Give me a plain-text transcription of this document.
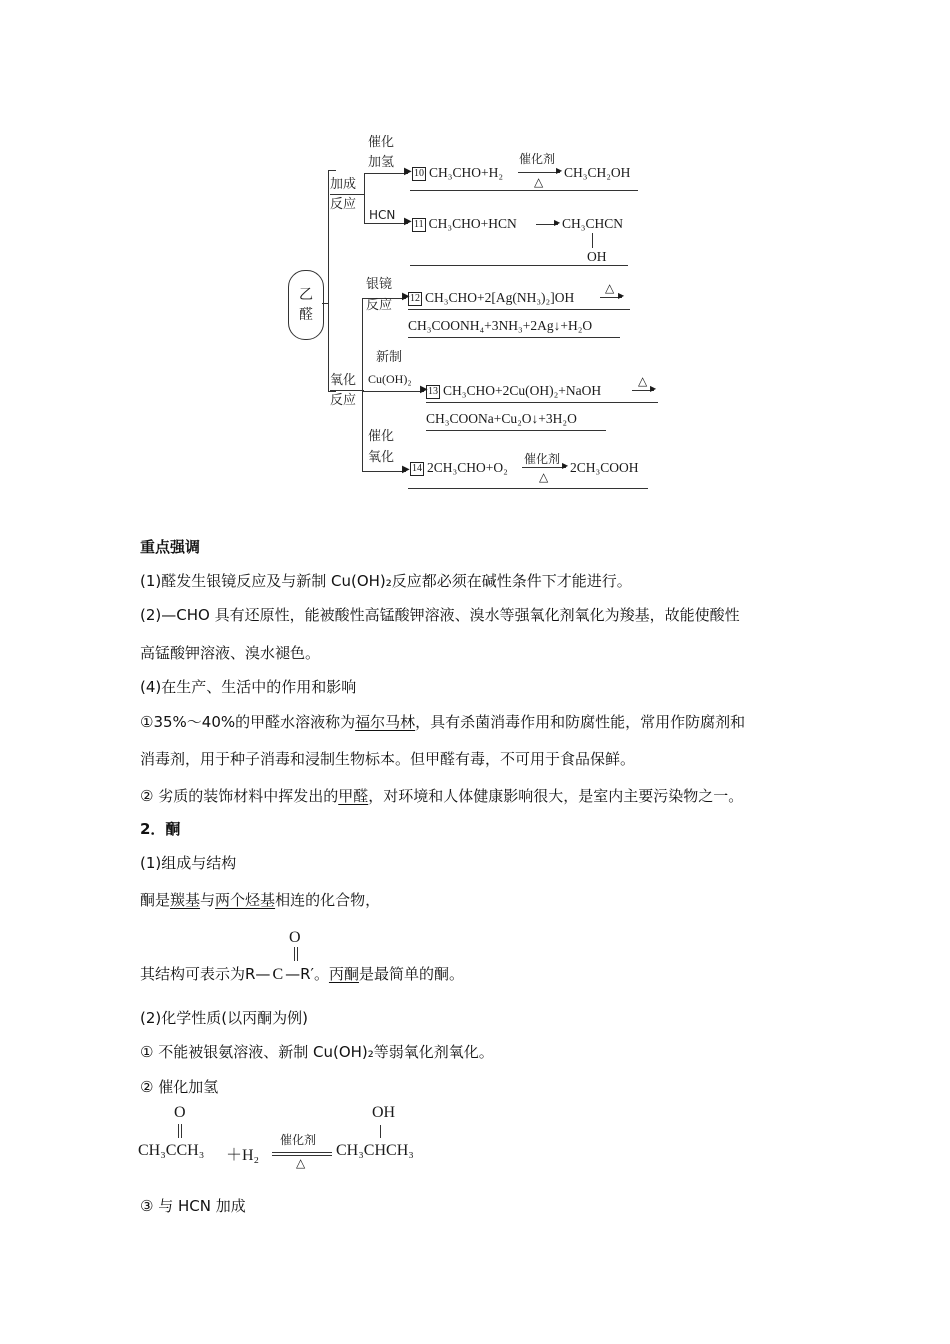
乙
醛
加成
反应
▶
▶
催化
加氢
HCN
10 CH₃CHO+H₂
催化剂
▶
△
CH₃CH₂OH
11 CH₃CHO+HCN	▶ CH₃CHCN
OH
氧化
反应
▶
▶
▶
银镜
反应
新制
Cu(OH)₂
催化
氧化
12 CH₃CHO+2[Ag(NH₃)₂]OH
△
▶
CH₃COONH₄+3NH₃+2Ag↓+H₂O
13 CH₃CHO+2Cu(OH)₂+NaOH
△
▶
CH₃COONa+Cu₂O↓+3H₂O
14 2CH₃CHO+O₂
催化剂 ▶
△
2CH₃COOH
重点强调
(1)醛发生银镜反应及与新制 Cu(OH)₂反应都必须在碱性条件下才能进行。
(2)—CHO 具有还原性，能被酸性高锰酸钾溶液、溴水等强氧化剂氧化为羧基，故能使酸性
高锰酸钾溶液、溴水褪色。
(4)在生产、生活中的作用和影响
①35%～40%的甲醛水溶液称为福尔马林，具有杀菌消毒作用和防腐性能，常用作防腐剂和
消毒剂，用于种子消毒和浸制生物标本。但甲醛有毒，不可用于食品保鲜。
② 劣质的装饰材料中挥发出的甲醛，对环境和人体健康影响很大，是室内主要污染物之一。
2．酮
(1)组成与结构
酮是羰基与两个烃基相连的化合物，
O
其结构可表示为R— C —R′。丙酮是最简单的酮。
(2)化学性质(以丙酮为例)
① 不能被银氨溶液、新制 Cu(OH)₂等弱氧化剂氧化。
② 催化加氢
O
CH₃CCH₃ ＋H₂
催化剂
△
OH
CH₃CHCH₃
③ 与 HCN 加成
